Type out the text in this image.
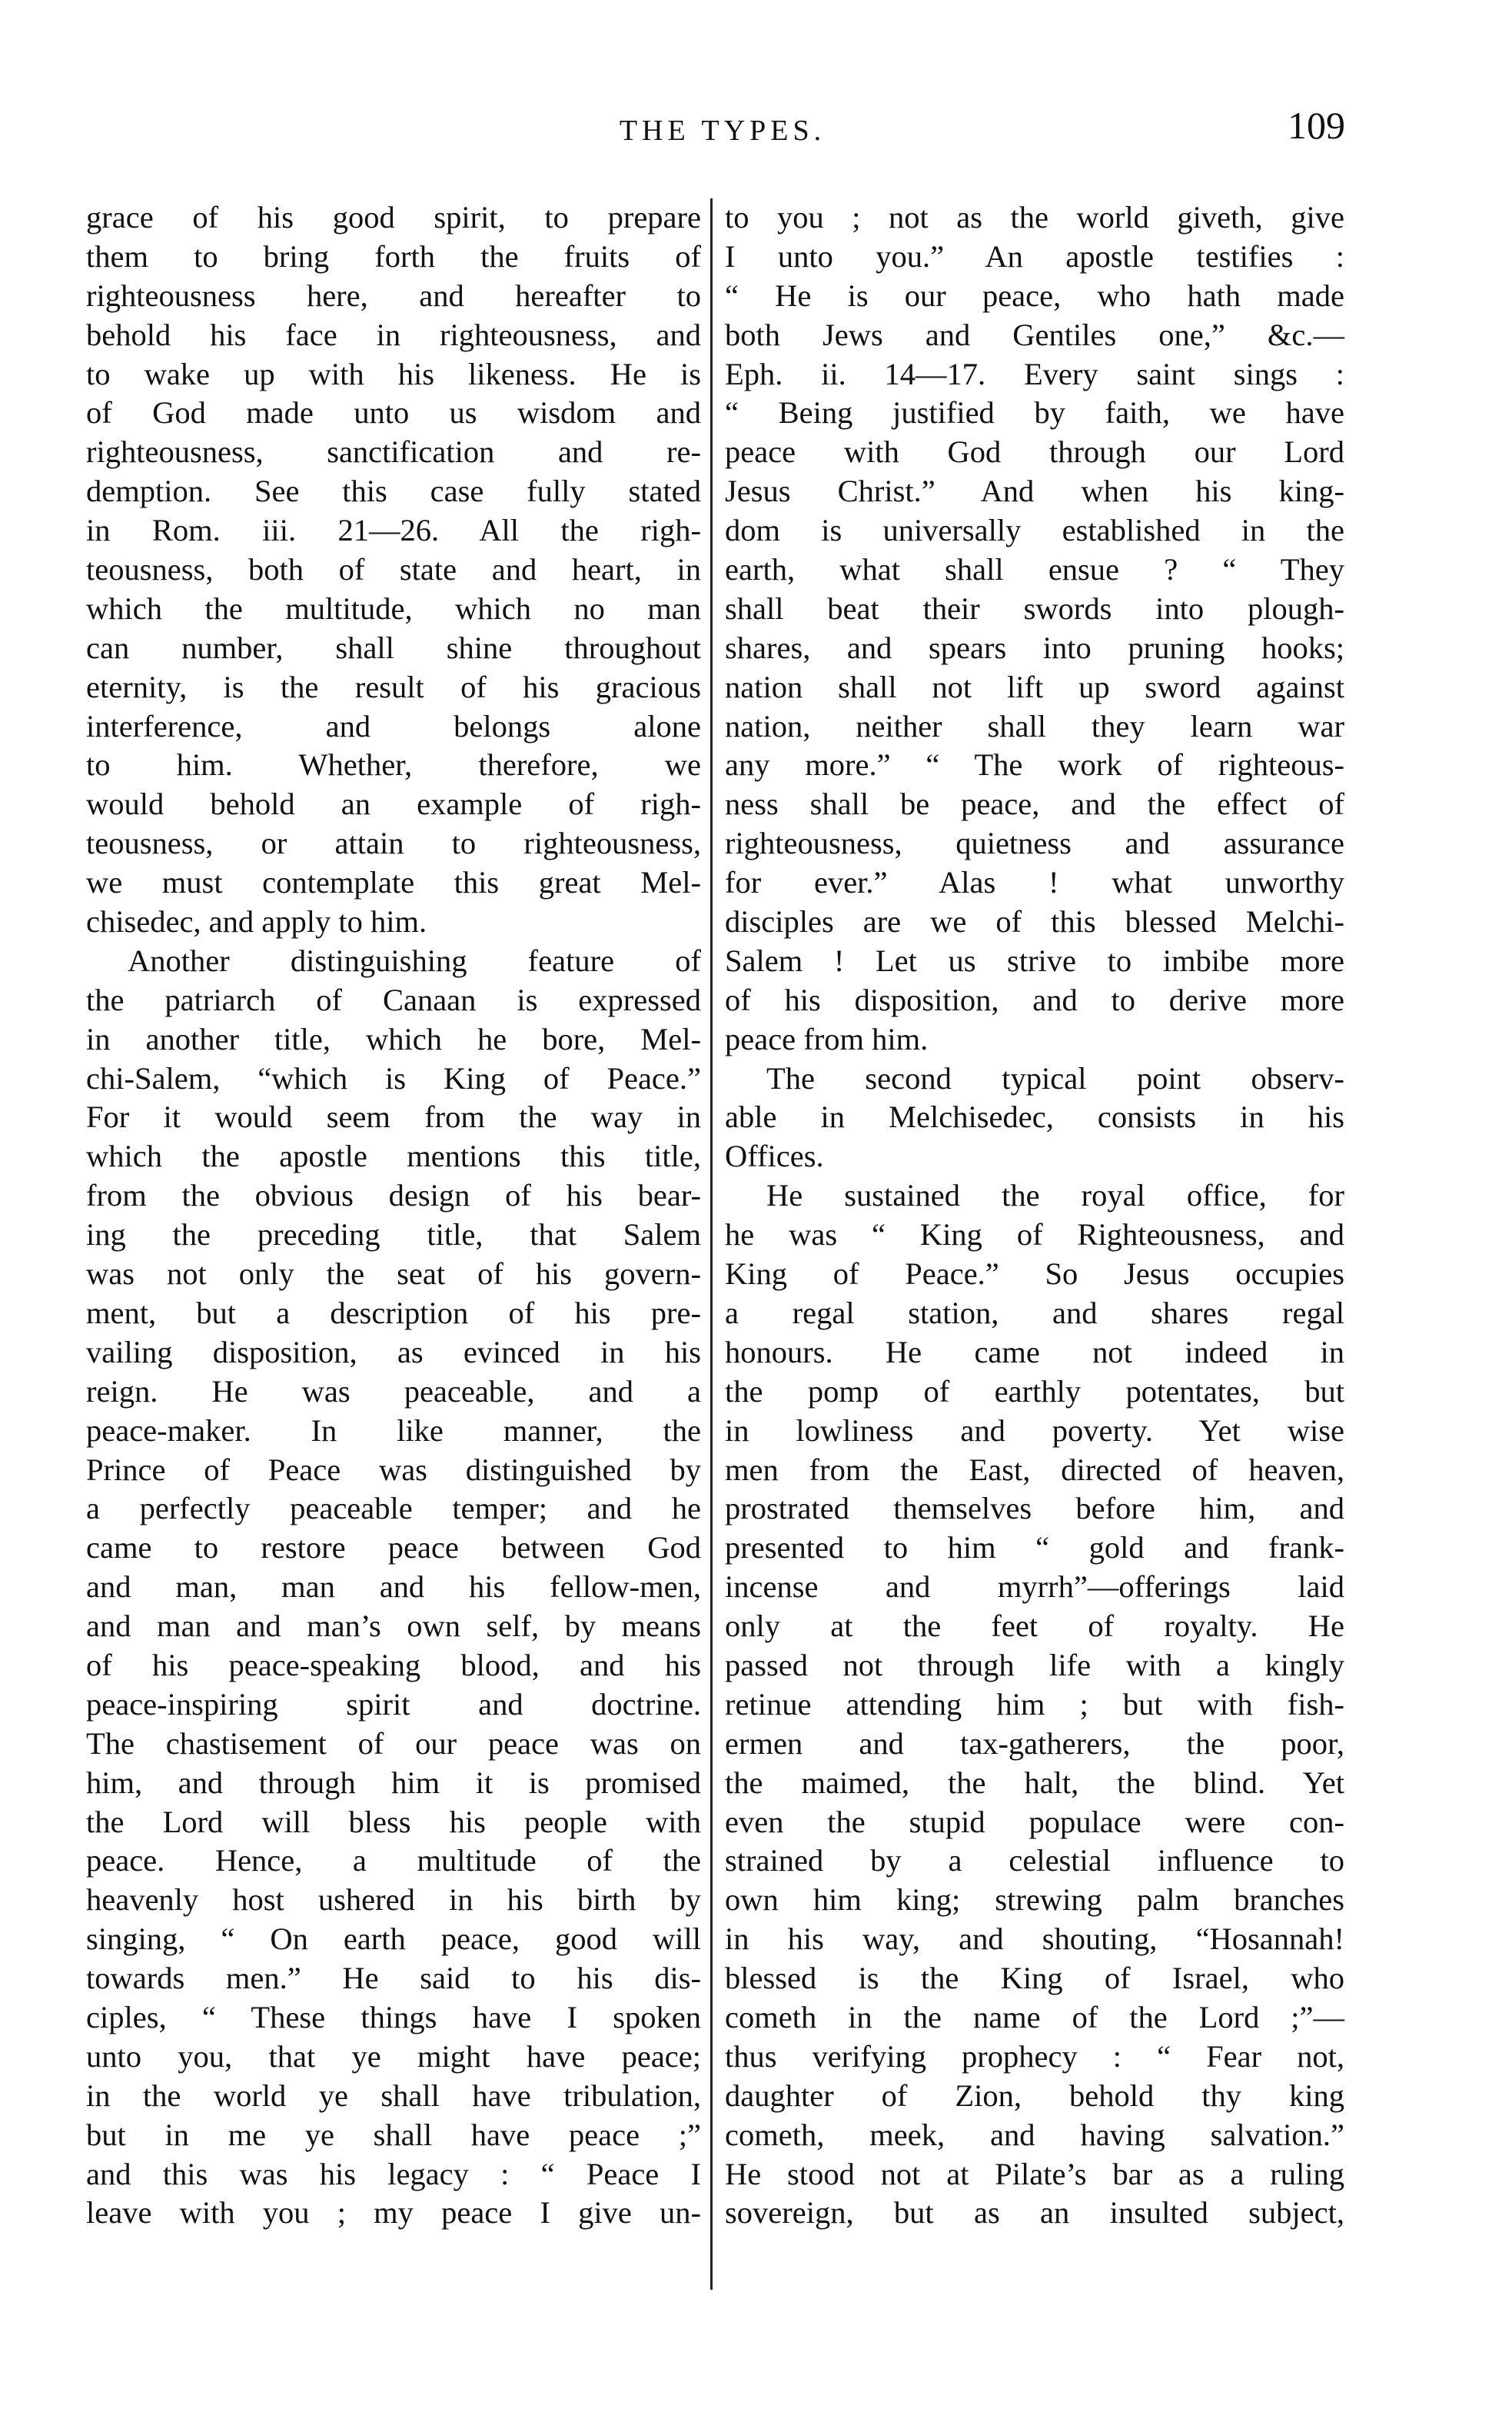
THE TYPES.	109
grace of his good spirit, to prepare
them to bring forth the fruits of
righteousness here, and hereafter to
behold his face in righteousness, and
to wake up with his likeness. He is
of God made unto us wisdom and
righteousness, sanctification and re-
demption. See this case fully stated
in Rom. iii. 21—26. All the righ-
teousness, both of state and heart, in
which the multitude, which no man
can number, shall shine throughout
eternity, is the result of his gracious
interference, and belongs alone
to him. Whether, therefore, we
would behold an example of righ-
teousness, or attain to righteousness,
we must contemplate this great Mel-
chisedec, and apply to him.
Another distinguishing feature of
the patriarch of Canaan is expressed
in another title, which he bore, Mel-
chi-Salem, “which is King of Peace.”
For it would seem from the way in
which the apostle mentions this title,
from the obvious design of his bear-
ing the preceding title, that Salem
was not only the seat of his govern-
ment, but a description of his pre-
vailing disposition, as evinced in his
reign. He was peaceable, and a
peace-maker. In like manner, the
Prince of Peace was distinguished by
a perfectly peaceable temper; and he
came to restore peace between God
and man, man and his fellow-men,
and man and man’s own self, by means
of his peace-speaking blood, and his
peace-inspiring spirit and doctrine.
The chastisement of our peace was on
him, and through him it is promised
the Lord will bless his people with
peace. Hence, a multitude of the
heavenly host ushered in his birth by
singing, “ On earth peace, good will
towards men.” He said to his dis-
ciples, “ These things have I spoken
unto you, that ye might have peace;
in the world ye shall have tribulation,
but in me ye shall have peace ;”
and this was his legacy : “ Peace I
leave with you ; my peace I give un-
to you ; not as the world giveth, give
I unto you.” An apostle testifies :
“ He is our peace, who hath made
both Jews and Gentiles one,” &c.—
Eph. ii. 14—17. Every saint sings :
“ Being justified by faith, we have
peace with God through our Lord
Jesus Christ.” And when his king-
dom is universally established in the
earth, what shall ensue ? “ They
shall beat their swords into plough-
shares, and spears into pruning hooks;
nation shall not lift up sword against
nation, neither shall they learn war
any more.” “ The work of righteous-
ness shall be peace, and the effect of
righteousness, quietness and assurance
for ever.” Alas ! what unworthy
disciples are we of this blessed Melchi-
Salem ! Let us strive to imbibe more
of his disposition, and to derive more
peace from him.
The second typical point observ-
able in Melchisedec, consists in his
Offices.
He sustained the royal office, for
he was “ King of Righteousness, and
King of Peace.” So Jesus occupies
a regal station, and shares regal
honours. He came not indeed in
the pomp of earthly potentates, but
in lowliness and poverty. Yet wise
men from the East, directed of heaven,
prostrated themselves before him, and
presented to him “ gold and frank-
incense and myrrh”—offerings laid
only at the feet of royalty. He
passed not through life with a kingly
retinue attending him ; but with fish-
ermen and tax-gatherers, the poor,
the maimed, the halt, the blind. Yet
even the stupid populace were con-
strained by a celestial influence to
own him king; strewing palm branches
in his way, and shouting, “Hosannah!
blessed is the King of Israel, who
cometh in the name of the Lord ;”—
thus verifying prophecy : “ Fear not,
daughter of Zion, behold thy king
cometh, meek, and having salvation.”
He stood not at Pilate’s bar as a ruling
sovereign, but as an insulted subject,
